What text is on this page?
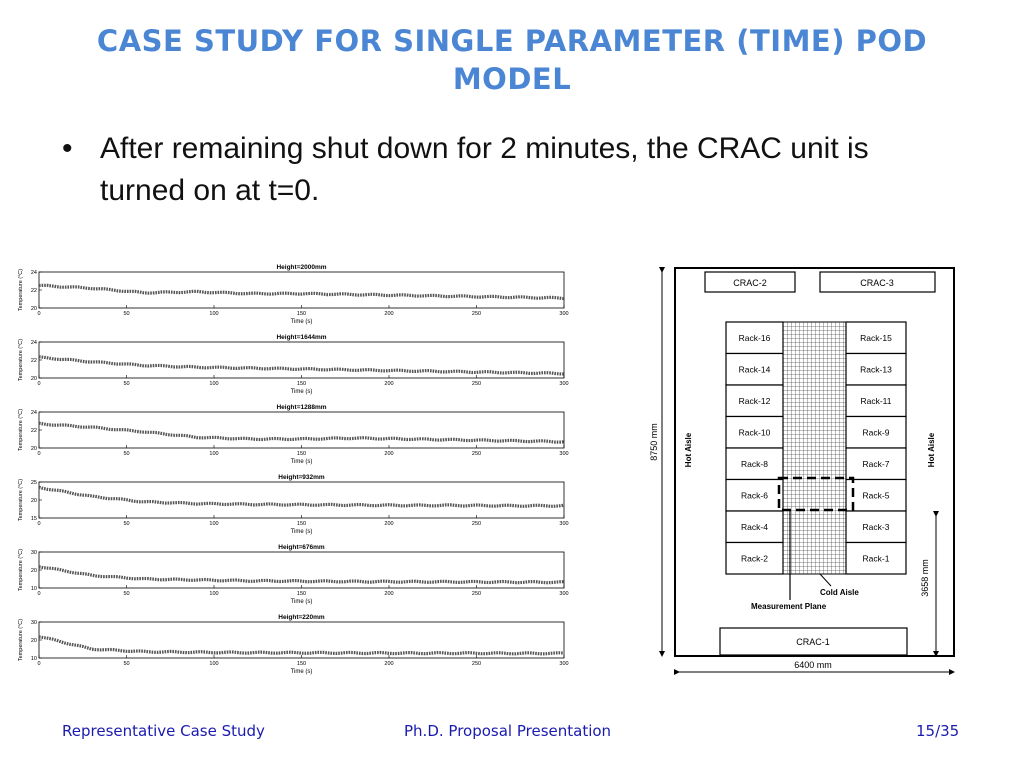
CASE STUDY FOR SINGLE PARAMETER (TIME) POD
MODEL
• After remaining shut down for 2 minutes, the CRAC unit is turned on at t=0.
Height=2000mm
Temperature (°C) 20
22
24
0	50	100	150	200	250	300
Time (s)
Height=1644mm
Temperature (°C) 20
22
24
0	50	100	150	200	250	300
Time (s)
Height=1288mm
Temperature (°C) 20
22
24
0	50	100	150	200	250	300
Time (s)
Height=932mm
Temperature (°C) 15
20
25
0	50	100	150	200	250	300
Time (s)
Height=676mm
Temperature (°C) 10
20
30
0	50	100	150	200	250	300
Time (s)
Height=220mm
Temperature (°C) 10
20
30
0	50	100	150	200	250	300
Time (s)
CRAC-2	CRAC-3
CRAC-1
Rack-16
Rack-14
Rack-12
Rack-10
Rack-8
Rack-6
Rack-4
Rack-2
Rack-15
Rack-13
Rack-11
Rack-9
Rack-7
Rack-5
Rack-3
Rack-1
Hot Aisle	Hot Aisle
Cold Aisle
Measurement Plane
8750 mm
6400 mm
3658 mm
Representative Case Study	Ph.D. Proposal Presentation	15/35
